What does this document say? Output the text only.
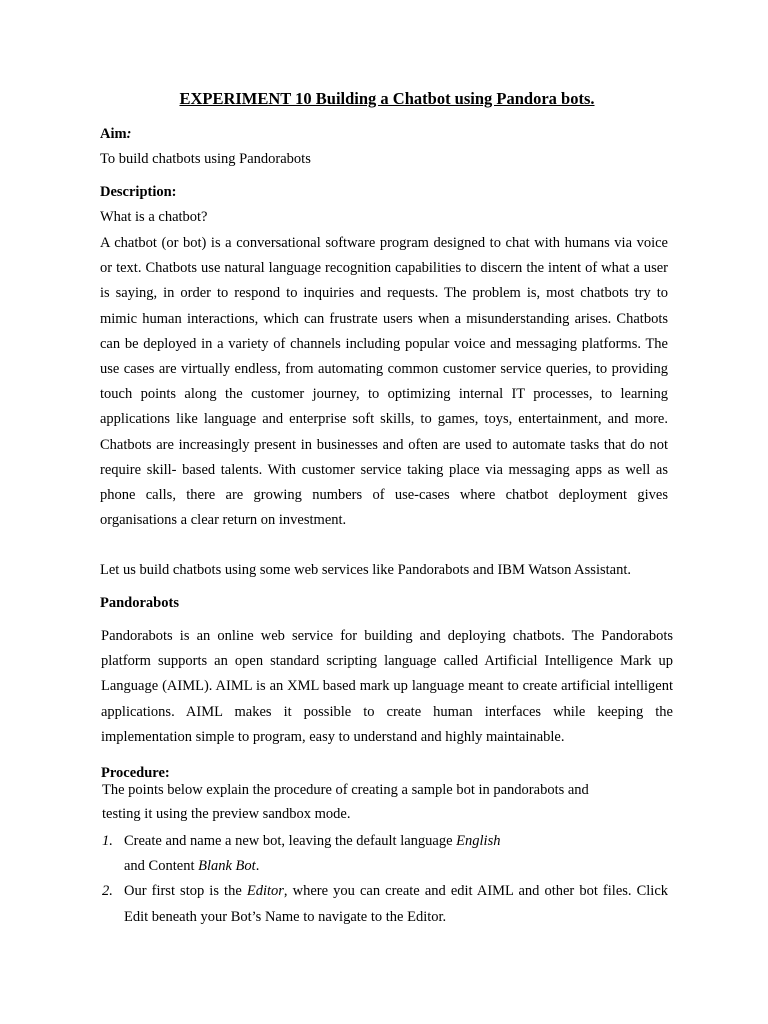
EXPERIMENT 10 Building a Chatbot using Pandora bots.
Aim:
To build chatbots using Pandorabots
Description:
What is a chatbot?
A chatbot (or bot) is a conversational software program designed to chat with humans via voice or text. Chatbots use natural language recognition capabilities to discern the intent of what a user is saying, in order to respond to inquiries and requests. The problem is, most chatbots try to mimic human interactions, which can frustrate users when a misunderstanding arises. Chatbots can be deployed in a variety of channels including popular voice and messaging platforms. The use cases are virtually endless, from automating common customer service queries, to providing touch points along the customer journey, to optimizing internal IT processes, to learning applications like language and enterprise soft skills, to games, toys, entertainment, and more. Chatbots are increasingly present in businesses and often are used to automate tasks that do not require skill- based talents. With customer service taking place via messaging apps as well as phone calls, there are growing numbers of use-cases where chatbot deployment gives organisations a clear return on investment.
Let us build chatbots using some web services like Pandorabots and IBM Watson Assistant.
Pandorabots
Pandorabots is an online web service for building and deploying chatbots. The Pandorabots platform supports an open standard scripting language called Artificial Intelligence Mark up Language (AIML). AIML is an XML based mark up language meant to create artificial intelligent applications. AIML makes it possible to create human interfaces while keeping the implementation simple to program, easy to understand and highly maintainable.
Procedure:
The points below explain the procedure of creating a sample bot in pandorabots and
testing it using the preview sandbox mode.
1. Create and name a new bot, leaving the default language English
and Content Blank Bot.
2. Our first stop is the Editor, where you can create and edit AIML and other bot files. Click Edit beneath your Bot’s Name to navigate to the Editor.
